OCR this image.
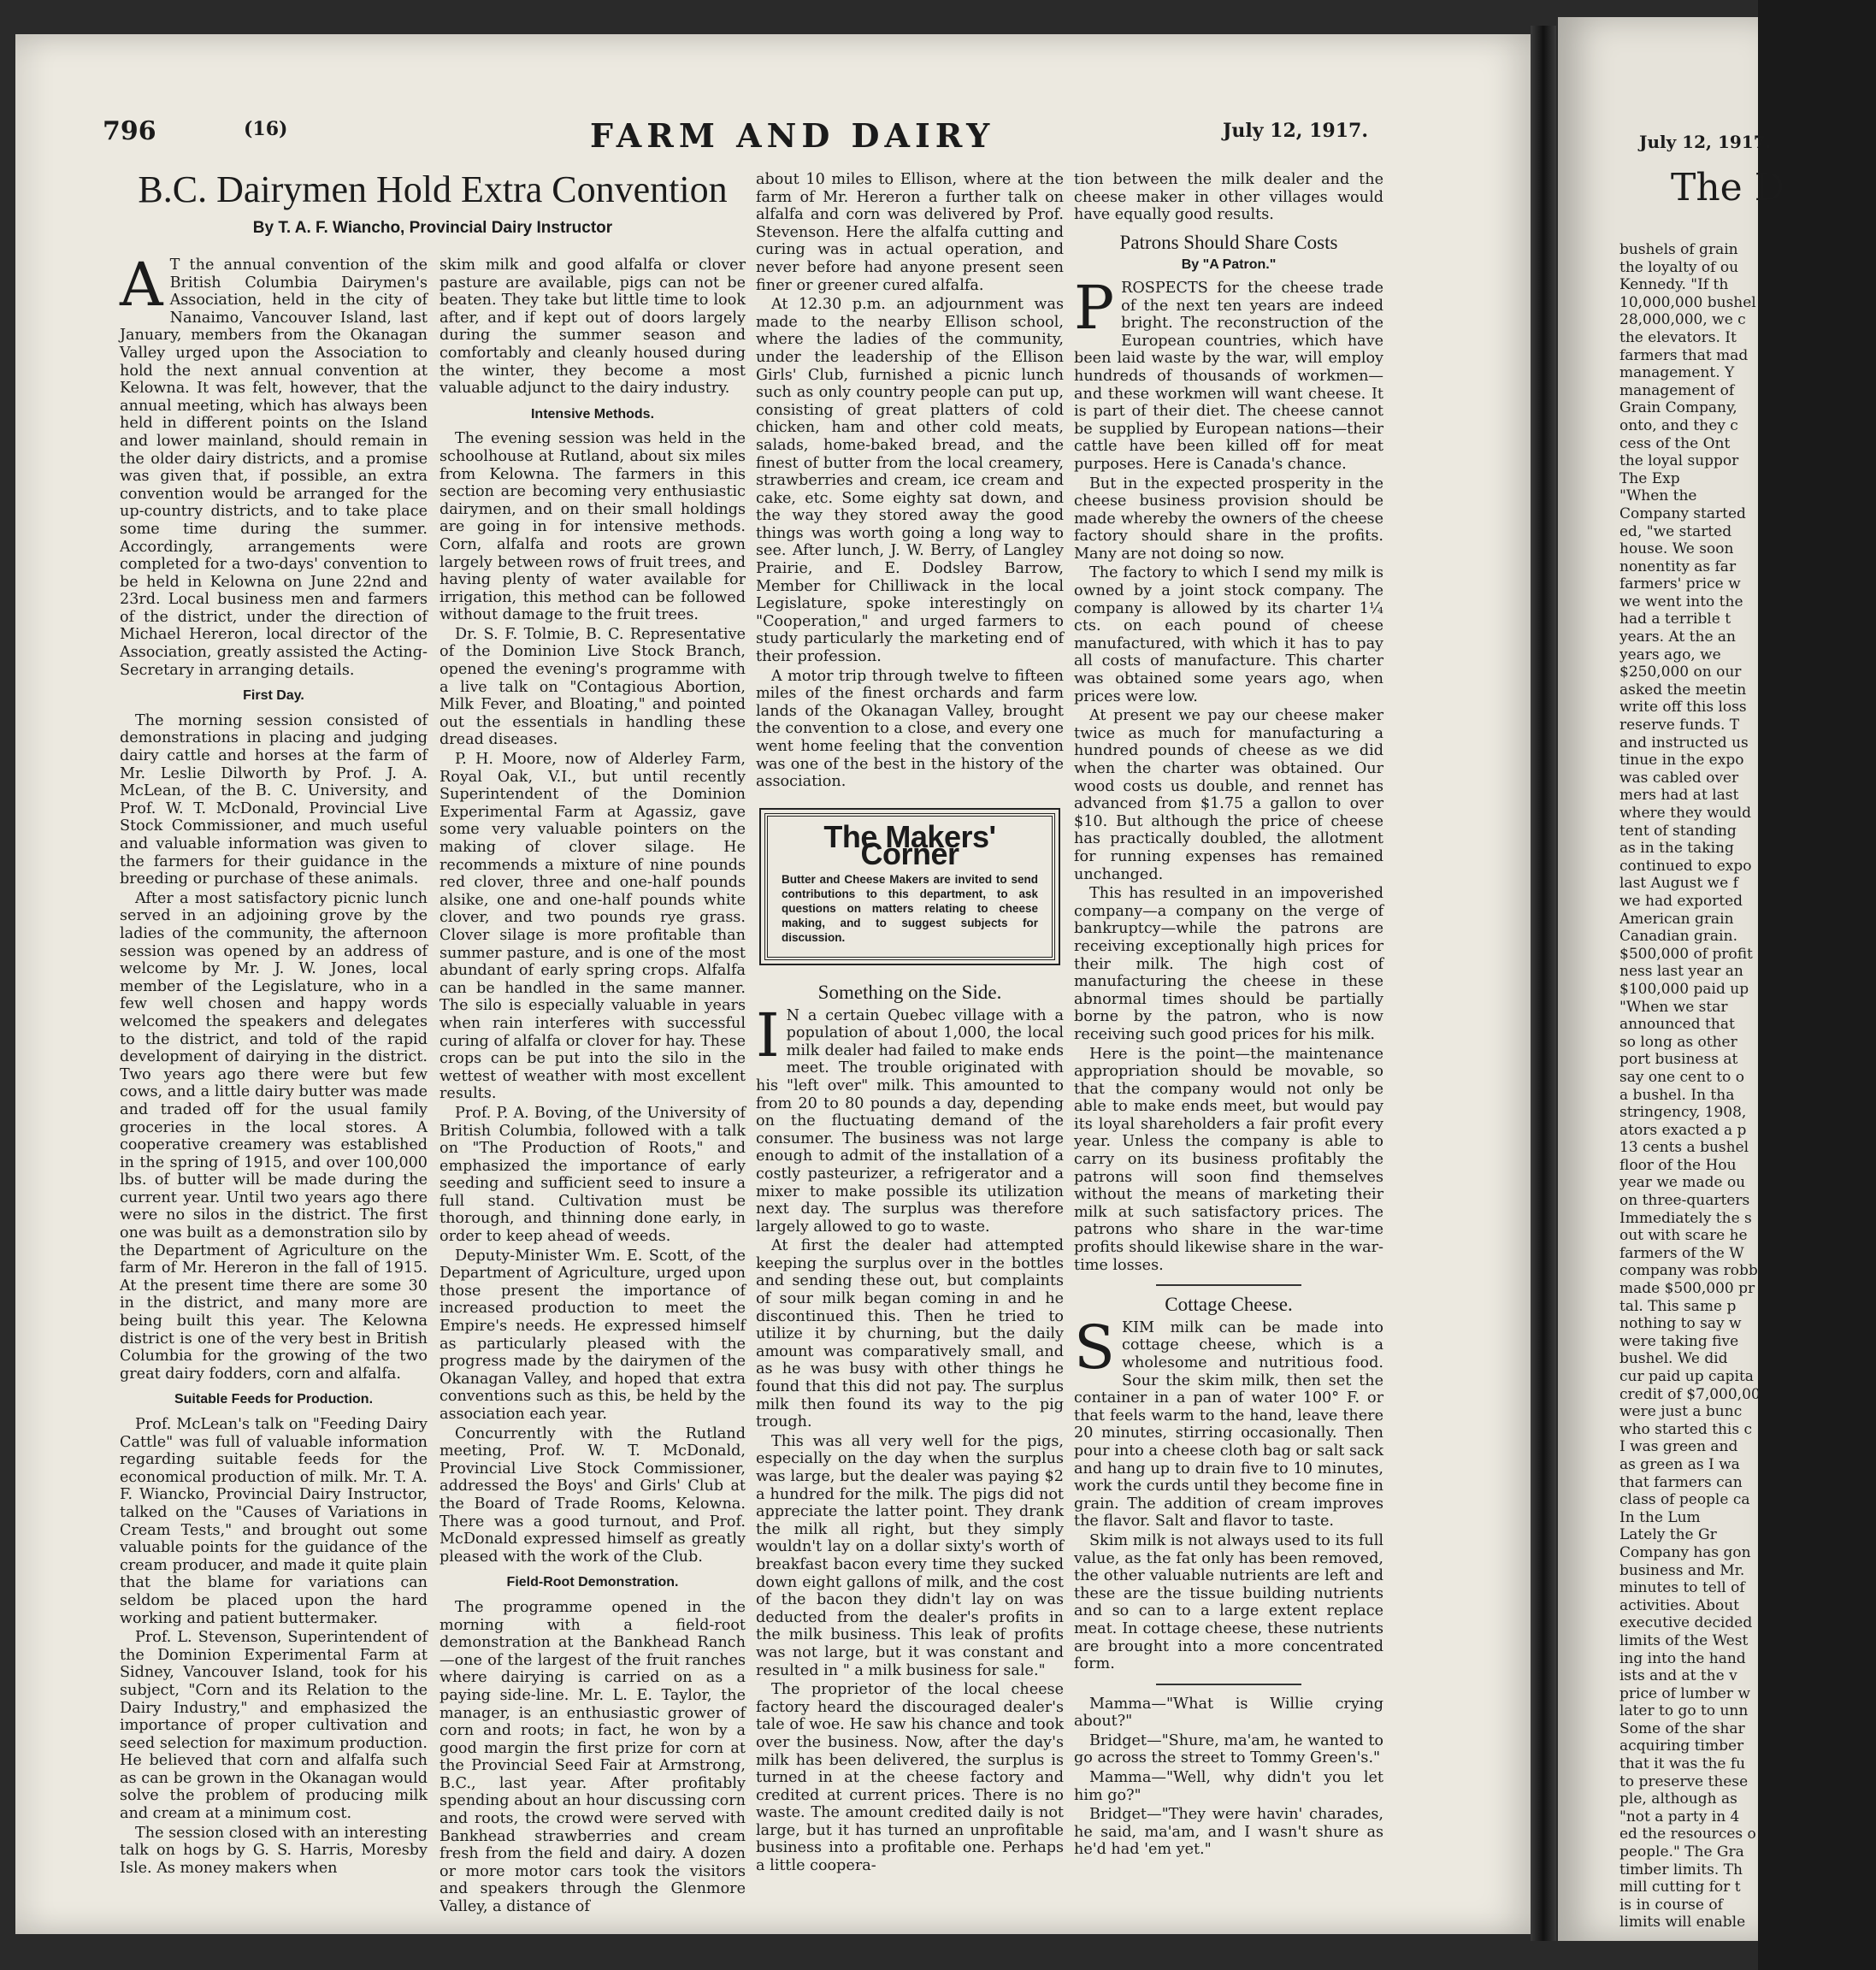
July 12, 1917.
The D
bushels of grain
the loyalty of ou
Kennedy. "If th
10,000,000 bushel
28,000,000, we c
the elevators. It
farmers that mad
management. Y
management of
Grain Company,
onto, and they c
cess of the Ont
the loyal suppor
The Exp
"When the
Company started
ed, "we started
house. We soon
nonentity as far
farmers' price w
we went into the
had a terrible t
years. At the an
years ago, we
$250,000 on our
asked the meetin
write off this loss
reserve funds. T
and instructed us
tinue in the expo
was cabled over
mers had at last
where they would
tent of standing
as in the taking
continued to expo
last August we f
we had exported
American grain
Canadian grain.
$500,000 of profit
ness last year an
$100,000 paid up
"When we star
announced that
so long as other
port business at
say one cent to o
a bushel. In tha
stringency, 1908,
ators exacted a p
13 cents a bushel
floor of the Hou
year we made ou
on three-quarters
Immediately the s
out with scare he
farmers of the W
company was robb
made $500,000 pr
tal. This same p
nothing to say w
were taking five
bushel. We did
cur paid up capita
credit of $7,000,00
were just a bunc
who started this c
I was green and
as green as I wa
that farmers can
class of people ca
In the Lum
Lately the Gr
Company has gon
business and Mr.
minutes to tell of
activities. About
executive decided
limits of the West
ing into the hand
ists and at the v
price of lumber w
later to go to unn
Some of the shar
acquiring timber
that it was the fu
to preserve these
ple, although as
"not a party in 4
ed the resources o
people." The Gra
timber limits. Th
mill cutting for t
is in course of
limits will enable
796	(16)	FARM AND DAIRY	July 12, 1917.
B.C. Dairymen Hold Extra Convention
By T. A. F. Wiancho, Provincial Dairy Instructor

A T the annual convention of the British Columbia Dairymen's Association, held in the city of Nanaimo, Vancouver Island, last January, members from the Okanagan Valley urged upon the Association to hold the next annual convention at Kelowna. It was felt, however, that the annual meeting, which has always been held in different points on the Island and lower mainland, should remain in the older dairy districts, and a promise was given that, if possible, an extra convention would be arranged for the up-country districts, and to take place some time during the summer. Accordingly, arrangements were completed for a two-days' convention to be held in Kelowna on June 22nd and 23rd. Local business men and farmers of the district, under the direction of Michael Hereron, local director of the Association, greatly assisted the Acting-Secretary in arranging details.

First Day.

The morning session consisted of demonstrations in placing and judging dairy cattle and horses at the farm of Mr. Leslie Dilworth by Prof. J. A. McLean, of the B. C. University, and Prof. W. T. McDonald, Provincial Live Stock Commissioner, and much useful and valuable information was given to the farmers for their guidance in the breeding or purchase of these animals.

After a most satisfactory picnic lunch served in an adjoining grove by the ladies of the community, the afternoon session was opened by an address of welcome by Mr. J. W. Jones, local member of the Legislature, who in a few well chosen and happy words welcomed the speakers and delegates to the district, and told of the rapid development of dairying in the district. Two years ago there were but few cows, and a little dairy butter was made and traded off for the usual family groceries in the local stores. A cooperative creamery was established in the spring of 1915, and over 100,000 lbs. of butter will be made during the current year. Until two years ago there were no silos in the district. The first one was built as a demonstration silo by the Department of Agriculture on the farm of Mr. Hereron in the fall of 1915. At the present time there are some 30 in the district, and many more are being built this year. The Kelowna district is one of the very best in British Columbia for the growing of the two great dairy fodders, corn and alfalfa.

Suitable Feeds for Production.

Prof. McLean's talk on "Feeding Dairy Cattle" was full of valuable information regarding suitable feeds for the economical production of milk. Mr. T. A. F. Wiancko, Provincial Dairy Instructor, talked on the "Causes of Variations in Cream Tests," and brought out some valuable points for the guidance of the cream producer, and made it quite plain that the blame for variations can seldom be placed upon the hard working and patient buttermaker.

Prof. L. Stevenson, Superintendent of the Dominion Experimental Farm at Sidney, Vancouver Island, took for his subject, "Corn and its Relation to the Dairy Industry," and emphasized the importance of proper cultivation and seed selection for maximum production. He believed that corn and alfalfa such as can be grown in the Okanagan would solve the problem of producing milk and cream at a minimum cost.

The session closed with an interesting talk on hogs by G. S. Harris, Moresby Isle. As money makers when

skim milk and good alfalfa or clover pasture are available, pigs can not be beaten. They take but little time to look after, and if kept out of doors largely during the summer season and comfortably and cleanly housed during the winter, they become a most valuable adjunct to the dairy industry.

Intensive Methods.

The evening session was held in the schoolhouse at Rutland, about six miles from Kelowna. The farmers in this section are becoming very enthusiastic dairymen, and on their small holdings are going in for intensive methods. Corn, alfalfa and roots are grown largely between rows of fruit trees, and having plenty of water available for irrigation, this method can be followed without damage to the fruit trees.

Dr. S. F. Tolmie, B. C. Representative of the Dominion Live Stock Branch, opened the evening's programme with a live talk on "Contagious Abortion, Milk Fever, and Bloating," and pointed out the essentials in handling these dread diseases.

P. H. Moore, now of Alderley Farm, Royal Oak, V.I., but until recently Superintendent of the Dominion Experimental Farm at Agassiz, gave some very valuable pointers on the making of clover silage. He recommends a mixture of nine pounds red clover, three and one-half pounds alsike, one and one-half pounds white clover, and two pounds rye grass. Clover silage is more profitable than summer pasture, and is one of the most abundant of early spring crops. Alfalfa can be handled in the same manner. The silo is especially valuable in years when rain interferes with successful curing of alfalfa or clover for hay. These crops can be put into the silo in the wettest of weather with most excellent results.

Prof. P. A. Boving, of the University of British Columbia, followed with a talk on "The Production of Roots," and emphasized the importance of early seeding and sufficient seed to insure a full stand. Cultivation must be thorough, and thinning done early, in order to keep ahead of weeds.

Deputy-Minister Wm. E. Scott, of the Department of Agriculture, urged upon those present the importance of increased production to meet the Empire's needs. He expressed himself as particularly pleased with the progress made by the dairymen of the Okanagan Valley, and hoped that extra conventions such as this, be held by the association each year.

Concurrently with the Rutland meeting, Prof. W. T. McDonald, Provincial Live Stock Commissioner, addressed the Boys' and Girls' Club at the Board of Trade Rooms, Kelowna. There was a good turnout, and Prof. McDonald expressed himself as greatly pleased with the work of the Club.

Field-Root Demonstration.

The programme opened in the morning with a field-root demonstration at the Bankhead Ranch—one of the largest of the fruit ranches where dairying is carried on as a paying side-line. Mr. L. E. Taylor, the manager, is an enthusiastic grower of corn and roots; in fact, he won by a good margin the first prize for corn at the Provincial Seed Fair at Armstrong, B.C., last year. After profitably spending about an hour discussing corn and roots, the crowd were served with Bankhead strawberries and cream fresh from the field and dairy. A dozen or more motor cars took the visitors and speakers through the Glenmore Valley, a distance of

about 10 miles to Ellison, where at the farm of Mr. Hereron a further talk on alfalfa and corn was delivered by Prof. Stevenson. Here the alfalfa cutting and curing was in actual operation, and never before had anyone present seen finer or greener cured alfalfa.

At 12.30 p.m. an adjournment was made to the nearby Ellison school, where the ladies of the community, under the leadership of the Ellison Girls' Club, furnished a picnic lunch such as only country people can put up, consisting of great platters of cold chicken, ham and other cold meats, salads, home-baked bread, and the finest of butter from the local creamery, strawberries and cream, ice cream and cake, etc. Some eighty sat down, and the way they stored away the good things was worth going a long way to see. After lunch, J. W. Berry, of Langley Prairie, and E. Dodsley Barrow, Member for Chilliwack in the local Legislature, spoke interestingly on "Cooperation," and urged farmers to study particularly the marketing end of their profession.

A motor trip through twelve to fifteen miles of the finest orchards and farm lands of the Okanagan Valley, brought the convention to a close, and every one went home feeling that the convention was one of the best in the history of the association.

The Makers' Corner
Butter and Cheese Makers are invited to send contributions to this department, to ask questions on matters relating to cheese making, and to suggest subjects for discussion.
Something on the Side.

I N a certain Quebec village with a population of about 1,000, the local milk dealer had failed to make ends meet. The trouble originated with his "left over" milk. This amounted to from 20 to 80 pounds a day, depending on the fluctuating demand of the consumer. The business was not large enough to admit of the installation of a costly pasteurizer, a refrigerator and a mixer to make possible its utilization next day. The surplus was therefore largely allowed to go to waste.

At first the dealer had attempted keeping the surplus over in the bottles and sending these out, but complaints of sour milk began coming in and he discontinued this. Then he tried to utilize it by churning, but the daily amount was comparatively small, and as he was busy with other things he found that this did not pay. The surplus milk then found its way to the pig trough.

This was all very well for the pigs, especially on the day when the surplus was large, but the dealer was paying $2 a hundred for the milk. The pigs did not appreciate the latter point. They drank the milk all right, but they simply wouldn't lay on a dollar sixty's worth of breakfast bacon every time they sucked down eight gallons of milk, and the cost of the bacon they didn't lay on was deducted from the dealer's profits in the milk business. This leak of profits was not large, but it was constant and resulted in " a milk business for sale."

The proprietor of the local cheese factory heard the discouraged dealer's tale of woe. He saw his chance and took over the business. Now, after the day's milk has been delivered, the surplus is turned in at the cheese factory and credited at current prices. There is no waste. The amount credited daily is not large, but it has turned an unprofitable business into a profitable one. Perhaps a little coopera-

tion between the milk dealer and the cheese maker in other villages would have equally good results.

Patrons Should Share Costs
By "A Patron."

PROSPECTS for the cheese trade of the next ten years are indeed bright. The reconstruction of the European countries, which have been laid waste by the war, will employ hundreds of thousands of workmen—and these workmen will want cheese. It is part of their diet. The cheese cannot be supplied by European nations—their cattle have been killed off for meat purposes. Here is Canada's chance.

But in the expected prosperity in the cheese business provision should be made whereby the owners of the cheese factory should share in the profits. Many are not doing so now.

The factory to which I send my milk is owned by a joint stock company. The company is allowed by its charter 1¼ cts. on each pound of cheese manufactured, with which it has to pay all costs of manufacture. This charter was obtained some years ago, when prices were low.

At present we pay our cheese maker twice as much for manufacturing a hundred pounds of cheese as we did when the charter was obtained. Our wood costs us double, and rennet has advanced from $1.75 a gallon to over $10. But although the price of cheese has practically doubled, the allotment for running expenses has remained unchanged.

This has resulted in an impoverished company—a company on the verge of bankruptcy—while the patrons are receiving exceptionally high prices for their milk. The high cost of manufacturing the cheese in these abnormal times should be partially borne by the patron, who is now receiving such good prices for his milk.

Here is the point—the maintenance appropriation should be movable, so that the company would not only be able to make ends meet, but would pay its loyal shareholders a fair profit every year. Unless the company is able to carry on its business profitably the patrons will soon find themselves without the means of marketing their milk at such satisfactory prices. The patrons who share in the war-time profits should likewise share in the war-time losses.

Cottage Cheese.

SKIM milk can be made into cottage cheese, which is a wholesome and nutritious food. Sour the skim milk, then set the container in a pan of water 100° F. or that feels warm to the hand, leave there 20 minutes, stirring occasionally. Then pour into a cheese cloth bag or salt sack and hang up to drain five to 10 minutes, work the curds until they become fine in grain. The addition of cream improves the flavor. Salt and flavor to taste.

Skim milk is not always used to its full value, as the fat only has been removed, the other valuable nutrients are left and these are the tissue building nutrients and so can to a large extent replace meat. In cottage cheese, these nutrients are brought into a more concentrated form.

Mamma—"What is Willie crying about?"

Bridget—"Shure, ma'am, he wanted to go across the street to Tommy Green's."

Mamma—"Well, why didn't you let him go?"

Bridget—"They were havin' charades, he said, ma'am, and I wasn't shure as he'd had 'em yet."
